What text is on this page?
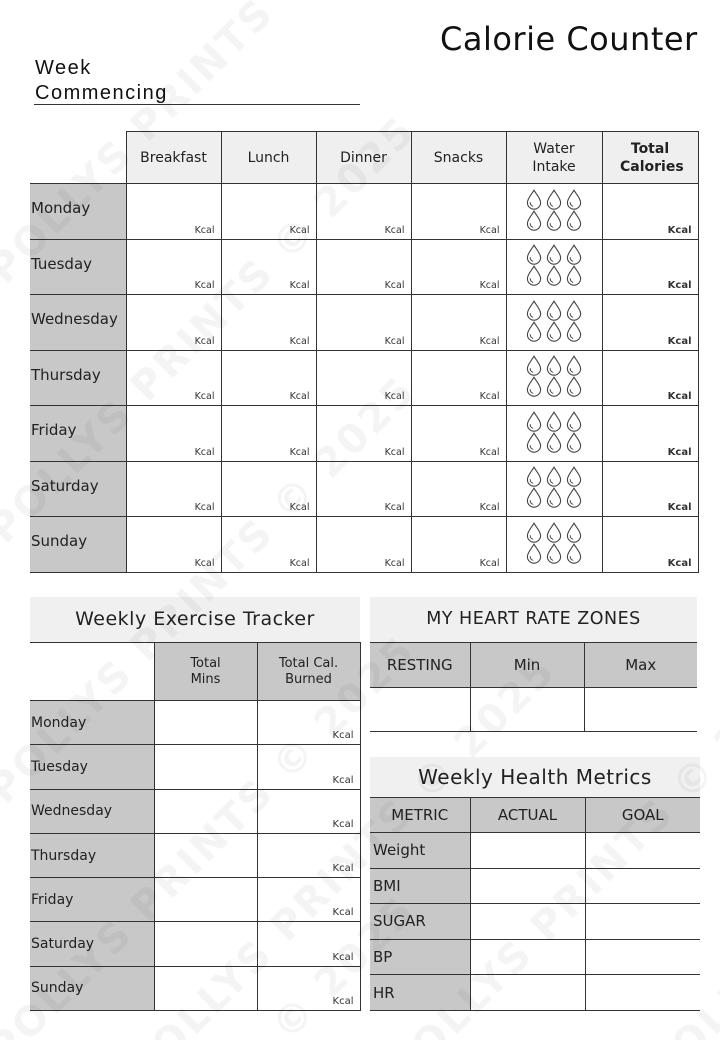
Calorie Counter
Week
Commencing
	Breakfast	Lunch	Dinner	Snacks	Water Intake	Total Calories
Monday	Kcal	Kcal	Kcal	Kcal		Kcal

Tuesday	Kcal	Kcal	Kcal	Kcal		Kcal

Wednesday	Kcal	Kcal	Kcal	Kcal		Kcal

Thursday	Kcal	Kcal	Kcal	Kcal		Kcal

Friday	Kcal	Kcal	Kcal	Kcal		Kcal

Saturday	Kcal	Kcal	Kcal	Kcal		Kcal

Sunday	Kcal	Kcal	Kcal	Kcal		Kcal
Weekly Exercise Tracker
	Total Mins	Total Cal. Burned
Monday		Kcal

Tuesday		Kcal

Wednesday		Kcal

Thursday		Kcal

Friday		Kcal

Saturday		Kcal

Sunday		Kcal
MY HEART RATE ZONES
RESTING	Min	Max

Weekly Health Metrics
METRIC	ACTUAL	GOAL
Weight		
BMI		
SUGAR		
BP		
HR		
